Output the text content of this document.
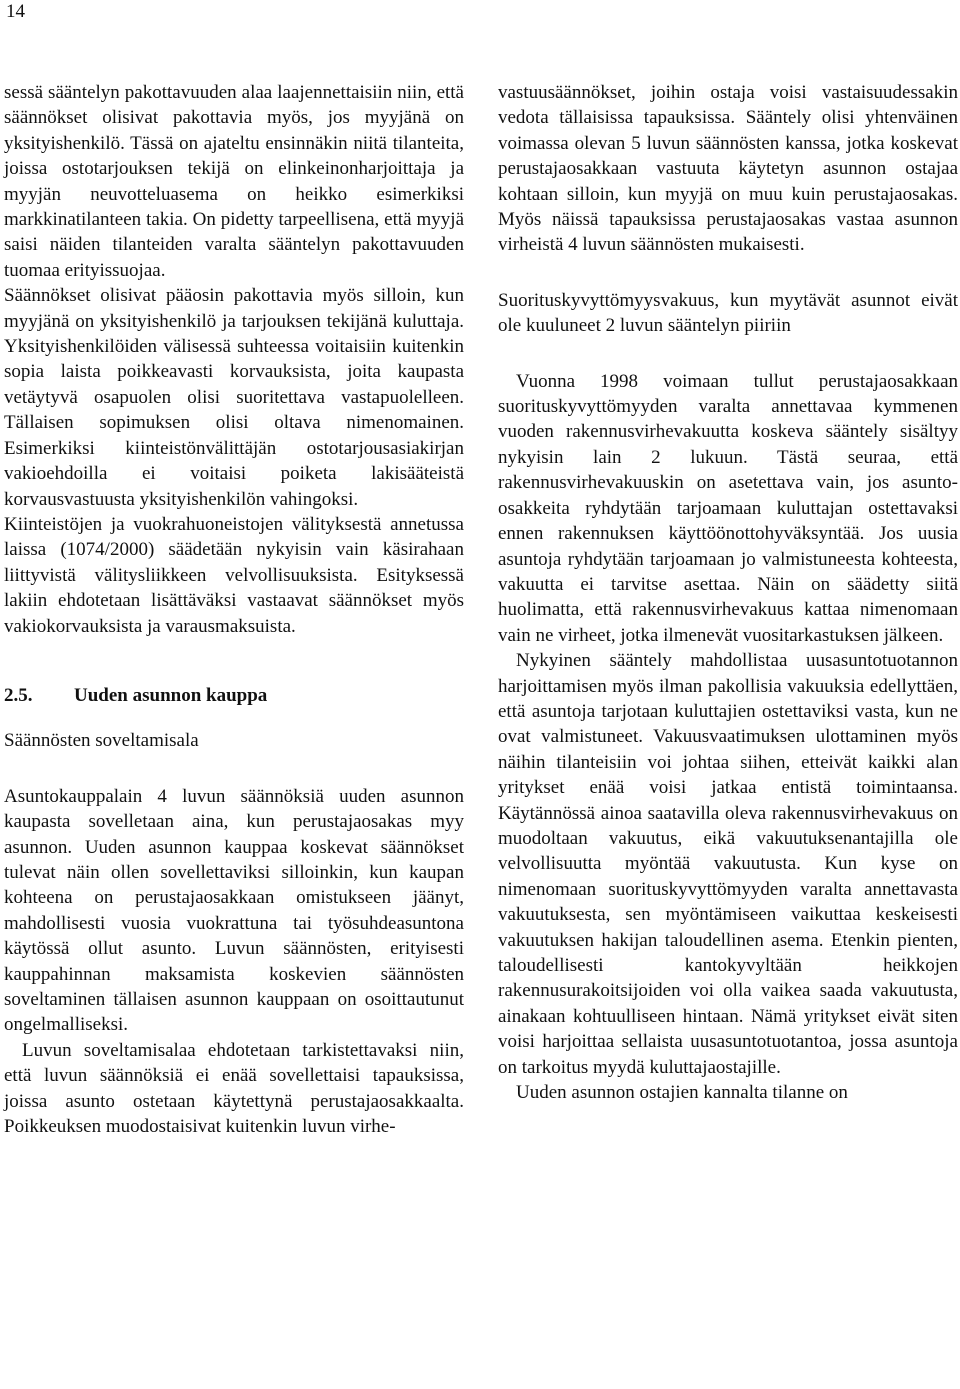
14

sessä sääntelyn pakottavuuden alaa laajennettaisiin niin, että säännökset olisivat pakottavia myös, jos myyjänä on yksityishenkilö. Tässä on ajateltu ensinnäkin niitä tilanteita, joissa ostotarjouksen tekijä on elinkeinonharjoittaja ja myyjän neuvotteluasema on heikko esimerkiksi markkinatilanteen takia. On pidetty tarpeellisena, että myyjä saisi näiden tilanteiden varalta sääntelyn pakottavuuden tuomaa erityissuojaa.

Säännökset olisivat pääosin pakottavia myös silloin, kun myyjänä on yksityishenkilö ja tarjouksen tekijänä kuluttaja. Yksityishenkilöiden välisessä suhteessa voitaisiin kuitenkin sopia laista poikkeavasti korvauksista, joita kaupasta vetäytyvä osapuolen olisi suoritettava vastapuolelleen. Tällaisen sopimuksen olisi oltava nimenomainen. Esimerkiksi kiinteistönvälittäjän ostotarjousasiakirjan vakioehdoilla ei voitaisi poiketa lakisääteistä korvausvastuusta yksityishenkilön vahingoksi.

Kiinteistöjen ja vuokrahuoneistojen välityksestä annetussa laissa (1074/2000) säädetään nykyisin vain käsirahaan liittyvistä välitysliikkeen velvollisuuksista. Esityksessä lakiin ehdotetaan lisättäväksi vastaavat säännökset myös vakiokorvauksista ja varausmaksuista.

2.5. Uuden asunnon kauppa

Säännösten soveltamisala

Asuntokauppalain 4 luvun säännöksiä uuden asunnon kaupasta sovelletaan aina, kun perustajaosakas myy asunnon. Uuden asunnon kauppaa koskevat säännökset tulevat näin ollen sovellettaviksi silloinkin, kun kaupan kohteena on perustajaosakkaan omistukseen jäänyt, mahdollisesti vuosia vuokrattuna tai työsuhdeasuntona käytössä ollut asunto. Luvun säännösten, erityisesti kauppahinnan maksamista koskevien säännösten soveltaminen tällaisen asunnon kauppaan on osoittautunut ongelmalliseksi.

Luvun soveltamisalaa ehdotetaan tarkistettavaksi niin, että luvun säännöksiä ei enää sovellettaisi tapauksissa, joissa asunto ostetaan käytettynä perustajaosakkaalta. Poikkeuksen muodostaisivat kuitenkin luvun virhe-

vastuusäännökset, joihin ostaja voisi vastaisuudessakin vedota tällaisissa tapauksissa. Sääntely olisi yhtenväinen voimassa olevan 5 luvun säännösten kanssa, jotka koskevat perustajaosakkaan vastuuta käytetyn asunnon ostajaa kohtaan silloin, kun myyjä on muu kuin perustajaosakas. Myös näissä tapauksissa perustajaosakas vastaa asunnon virheistä 4 luvun säännösten mukaisesti.

Suorituskyvyttömyysvakuus, kun myytävät asunnot eivät ole kuuluneet 2 luvun sääntelyn piiriin

Vuonna 1998 voimaan tullut perustajaosakkaan suorituskyvyttömyyden varalta annettavaa kymmenen vuoden rakennusvirhevakuutta koskeva sääntely sisältyy nykyisin lain 2 lukuun. Tästä seuraa, että rakennusvirhevakuuskin on asetettava vain, jos asunto-osakkeita ryhdytään tarjoamaan kuluttajan ostettavaksi ennen rakennuksen käyttöönottohyväksyntää. Jos uusia asuntoja ryhdytään tarjoamaan jo valmistuneesta kohteesta, vakuutta ei tarvitse asettaa. Näin on säädetty siitä huolimatta, että rakennusvirhevakuus kattaa nimenomaan vain ne virheet, jotka ilmenevät vuositarkastuksen jälkeen.

Nykyinen sääntely mahdollistaa uusasuntotuotannon harjoittamisen myös ilman pakollisia vakuuksia edellyttäen, että asuntoja tarjotaan kuluttajien ostettaviksi vasta, kun ne ovat valmistuneet. Vakuusvaatimuksen ulottaminen myös näihin tilanteisiin voi johtaa siihen, etteivät kaikki alan yritykset enää voisi jatkaa entistä toimintaansa. Käytännössä ainoa saatavilla oleva rakennusvirhevakuus on muodoltaan vakuutus, eikä vakuutuksenantajilla ole velvollisuutta myöntää vakuutusta. Kun kyse on nimenomaan suorituskyvyttömyyden varalta annettavasta vakuutuksesta, sen myöntämiseen vaikuttaa keskeisesti vakuutuksen hakijan taloudellinen asema. Etenkin pienten, taloudellisesti kantokyvyltään heikkojen rakennusurakoitsijoiden voi olla vaikea saada vakuutusta, ainakaan kohtuulliseen hintaan. Nämä yritykset eivät siten voisi harjoittaa sellaista uusasuntotuotantoa, jossa asuntoja on tarkoitus myydä kuluttajaostajille.

Uuden asunnon ostajien kannalta tilanne on
